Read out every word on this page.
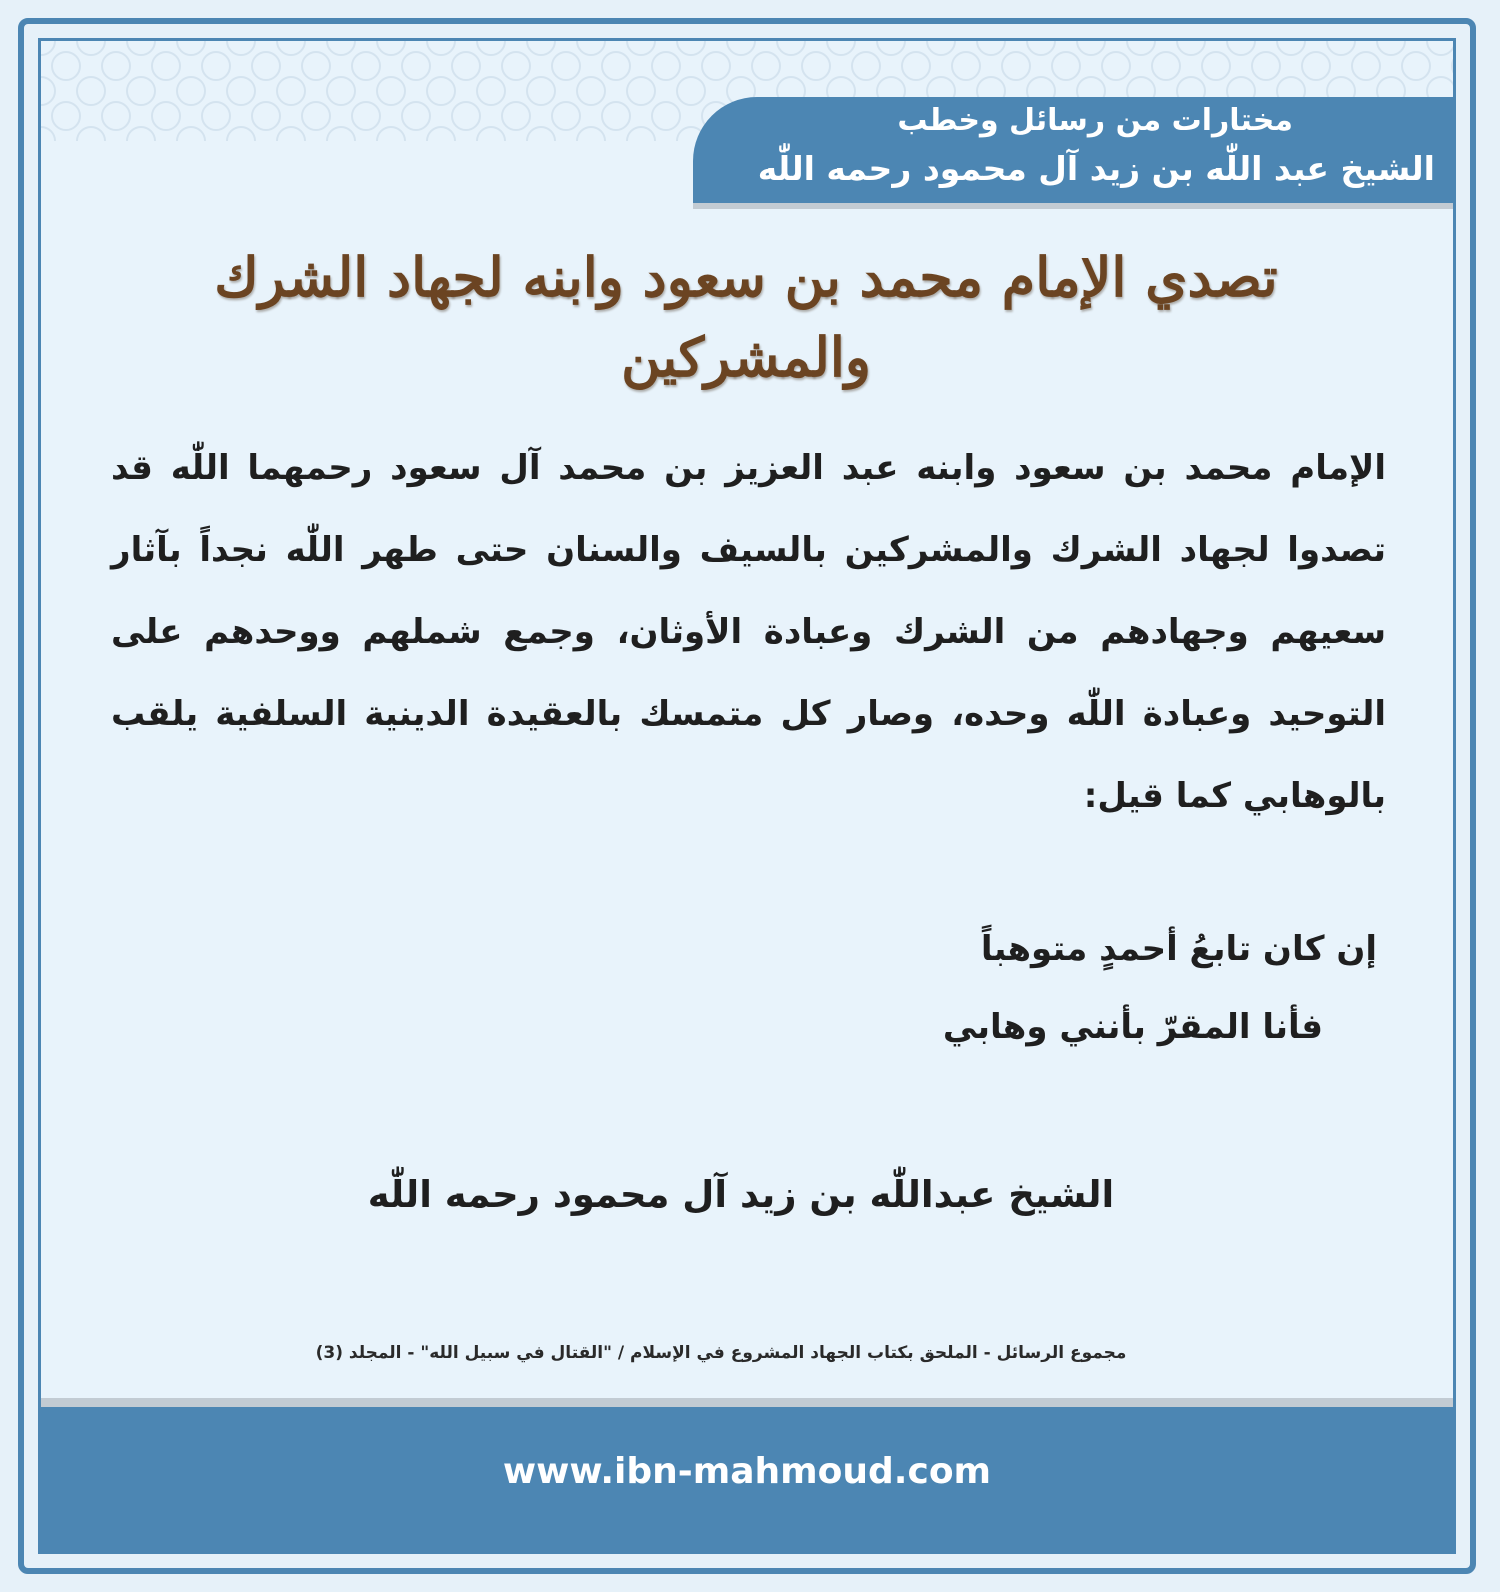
مختارات من رسائل وخطب
الشيخ عبد اللّٰه بن زيد آل محمود رحمه اللّٰه
تصدي الإمام محمد بن سعود وابنه لجهاد الشرك والمشركين

الإمام محمد بن سعود وابنه عبد العزيز بن محمد آل سعود رحمهما اللّٰه قد تصدوا لجهاد الشرك والمشركين بالسيف والسنان حتى طهر اللّٰه نجداً بآثار سعيهم وجهادهم من الشرك وعبادة الأوثان، وجمع شملهم ووحدهم على التوحيد وعبادة اللّٰه وحده، وصار كل متمسك بالعقيدة الدينية السلفية يلقب بالوهابي كما قيل:

إن كان تابعُ أحمدٍ متوهباً
فأنا المقرّ بأنني وهابي
الشيخ عبداللّٰه بن زيد آل محمود رحمه اللّٰه
مجموع الرسائل - الملحق بكتاب الجهاد المشروع في الإسلام / "القتال في سبيل الله" - المجلد (3)
www.ibn-mahmoud.com
